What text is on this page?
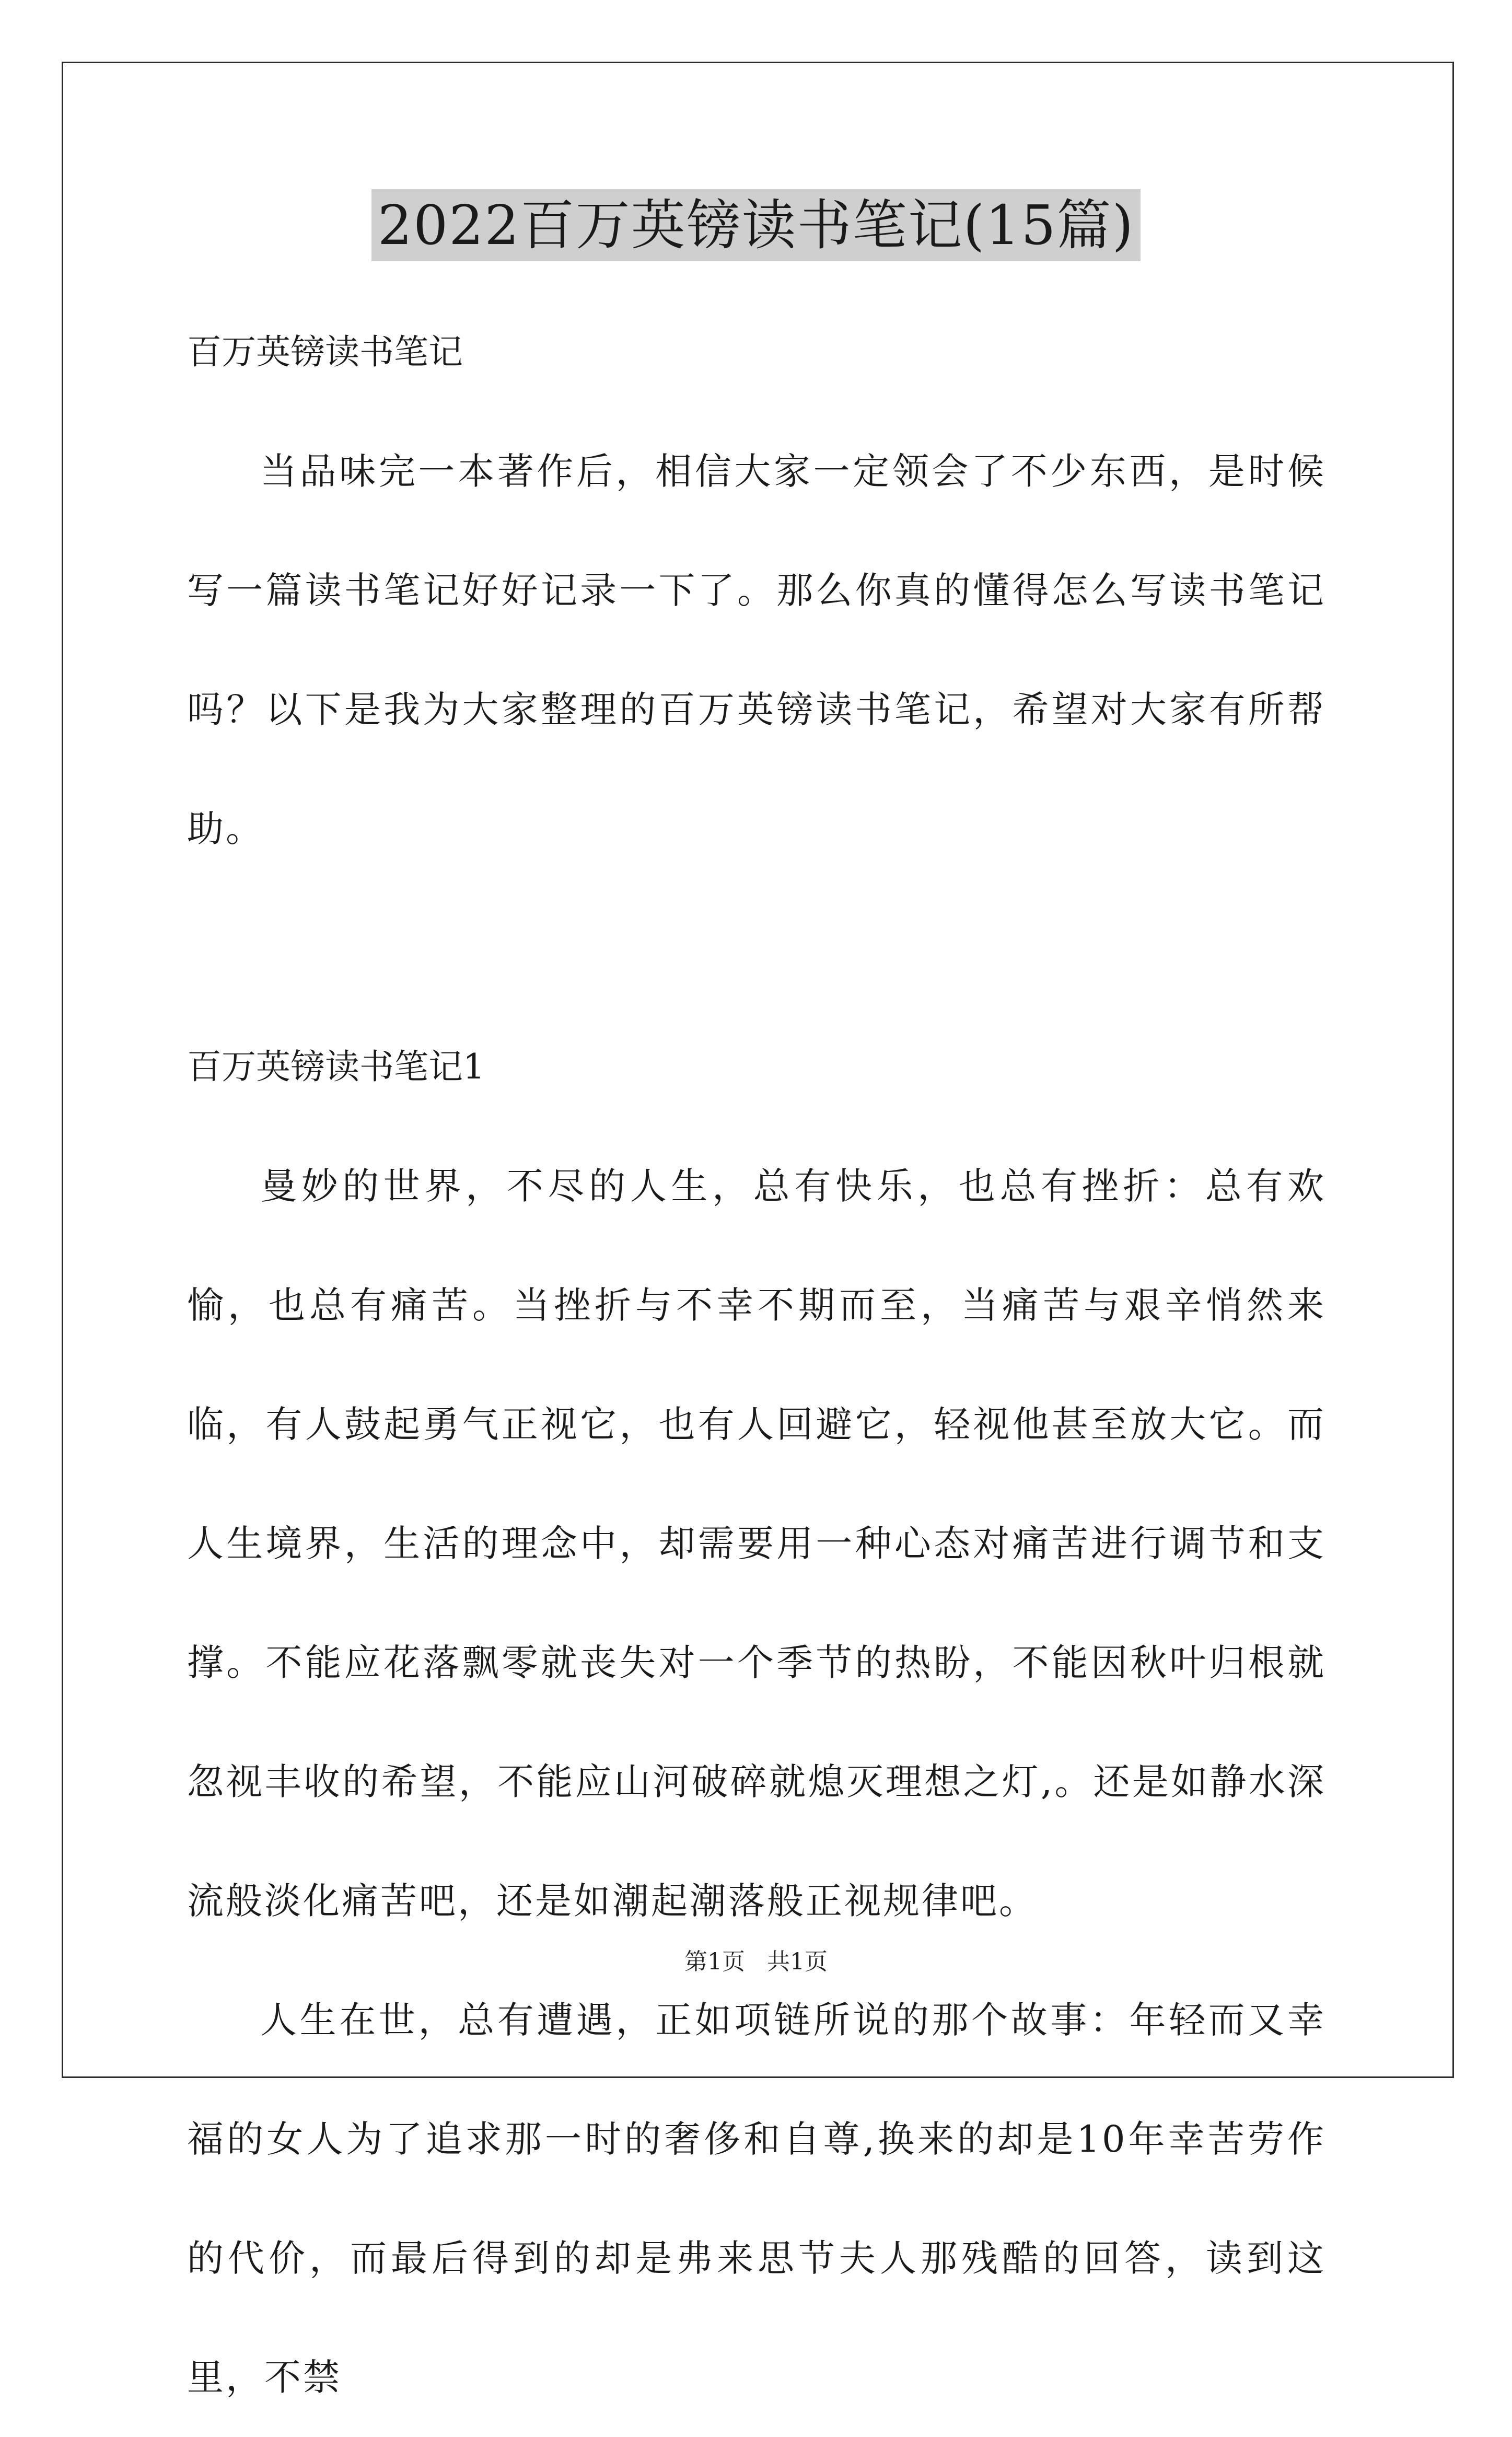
2022百万英镑读书笔记(15篇)

百万英镑读书笔记

当品味完一本著作后，相信大家一定领会了不少东西，是时候写一篇读书笔记好好记录一下了。那么你真的懂得怎么写读书笔记吗？以下是我为大家整理的百万英镑读书笔记，希望对大家有所帮助。

百万英镑读书笔记1

曼妙的世界，不尽的人生，总有快乐，也总有挫折：总有欢愉，也总有痛苦。当挫折与不幸不期而至，当痛苦与艰辛悄然来临，有人鼓起勇气正视它，也有人回避它，轻视他甚至放大它。而人生境界，生活的理念中，却需要用一种心态对痛苦进行调节和支撑。不能应花落飘零就丧失对一个季节的热盼，不能因秋叶归根就忽视丰收的希望，不能应山河破碎就熄灭理想之灯,。还是如静水深流般淡化痛苦吧，还是如潮起潮落般正视规律吧。

人生在世，总有遭遇，正如项链所说的那个故事：年轻而又幸福的女人为了追求那一时的奢侈和自尊,换来的却是10年幸苦劳作的代价，而最后得到的却是弗来思节夫人那残酷的回答，读到这里，不禁

第1页   共1页
